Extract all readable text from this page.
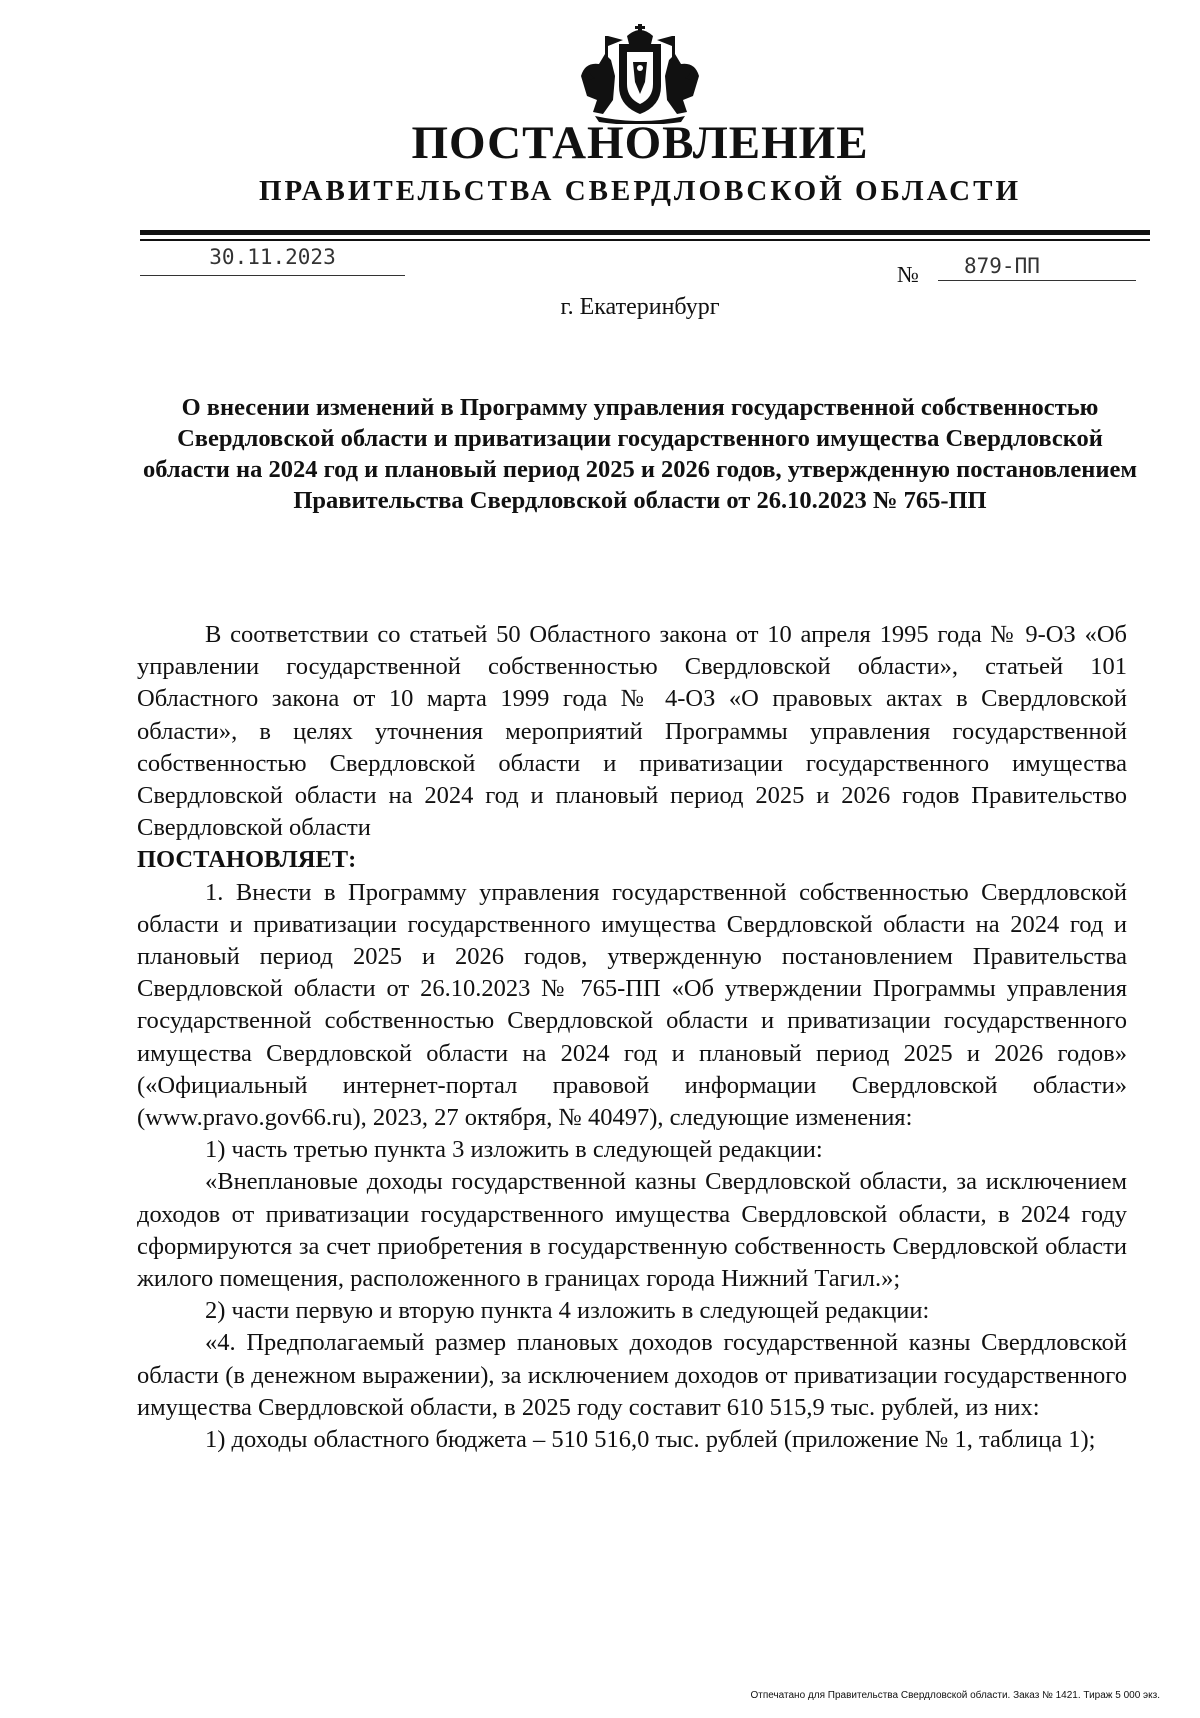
ПОСТАНОВЛЕНИЕ
ПРАВИТЕЛЬСТВА СВЕРДЛОВСКОЙ ОБЛАСТИ
30.11.2023
№	879-ПП
г. Екатеринбург

О внесении изменений в Программу управления государственной собственностью Свердловской области и приватизации государственного имущества Свердловской области на 2024 год и плановый период 2025 и 2026 годов, утвержденную постановлением Правительства Свердловской области от 26.10.2023 № 765-ПП

В соответствии со статьей 50 Областного закона от 10 апреля 1995 года № 9-ОЗ «Об управлении государственной собственностью Свердловской области», статьей 101 Областного закона от 10 марта 1999 года № 4-ОЗ «О правовых актах в Свердловской области», в целях уточнения мероприятий Программы управления государственной собственностью Свердловской области и приватизации государственного имущества Свердловской области на 2024 год и плановый период 2025 и 2026 годов Правительство Свердловской области

ПОСТАНОВЛЯЕТ:

1. Внести в Программу управления государственной собственностью Свердловской области и приватизации государственного имущества Свердловской области на 2024 год и плановый период 2025 и 2026 годов, утвержденную постановлением Правительства Свердловской области от 26.10.2023 № 765-ПП «Об утверждении Программы управления государственной собственностью Свердловской области и приватизации государственного имущества Свердловской области на 2024 год и плановый период 2025 и 2026 годов» («Официальный интернет-портал правовой информации Свердловской области» (www.pravo.gov66.ru), 2023, 27 октября, № 40497), следующие изменения:

1) часть третью пункта 3 изложить в следующей редакции:

«Внеплановые доходы государственной казны Свердловской области, за исключением доходов от приватизации государственного имущества Свердловской области, в 2024 году сформируются за счет приобретения в государственную собственность Свердловской области жилого помещения, расположенного в границах города Нижний Тагил.»;

2) части первую и вторую пункта 4 изложить в следующей редакции:

«4. Предполагаемый размер плановых доходов государственной казны Свердловской области (в денежном выражении), за исключением доходов от приватизации государственного имущества Свердловской области, в 2025 году составит 610 515,9 тыс. рублей, из них:

1) доходы областного бюджета – 510 516,0 тыс. рублей (приложение № 1, таблица 1);

Отпечатано для Правительства Свердловской области. Заказ № 1421. Тираж 5 000 экз.
